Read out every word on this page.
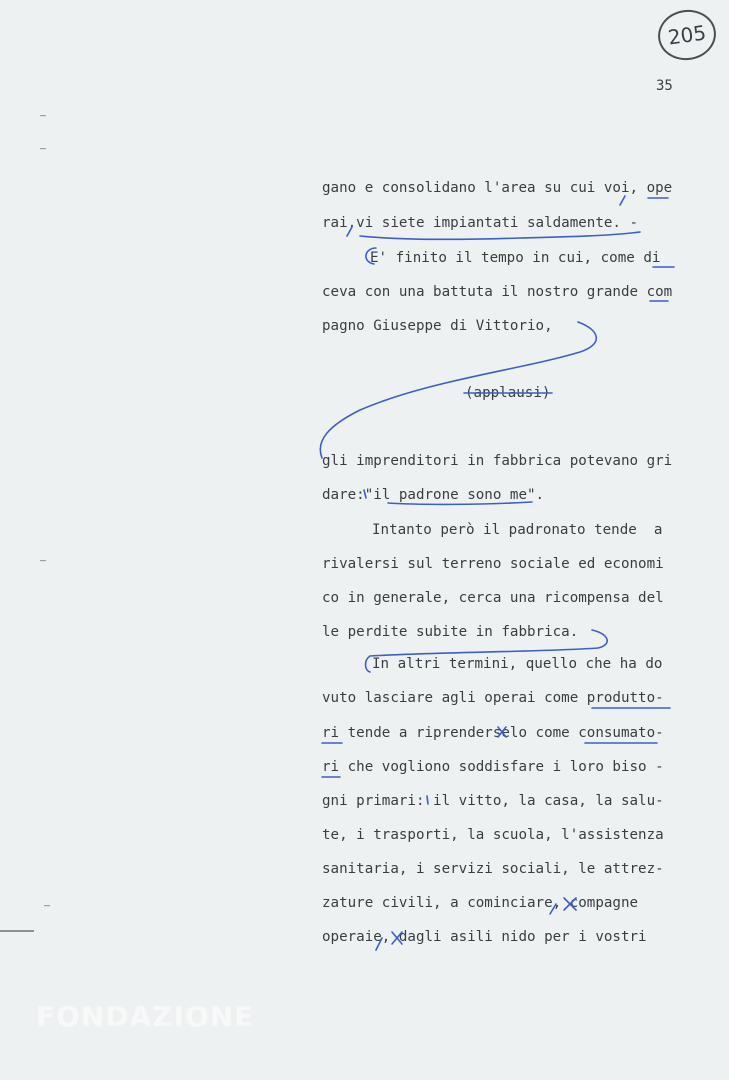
205
35
gano e consolidano l'area su cui voi, ope
rai,vi siete impiantati saldamente. -
E' finito il tempo in cui, come di
ceva con una battuta il nostro grande com
pagno Giuseppe di Vittorio,
(applausi)
gli imprenditori in fabbrica potevano gri
dare:"il padrone sono me".
Intanto però il padronato tende  a
rivalersi sul terreno sociale ed economi
co in generale, cerca una ricompensa del
le perdite subite in fabbrica.
In altri termini, quello che ha do
vuto lasciare agli operai come produtto-
ri tende a riprenderselo come consumato-
ri che vogliono soddisfare i loro biso -
gni primari: il vitto, la casa, la salu-
te, i trasporti, la scuola, l'assistenza
sanitaria, i servizi sociali, le attrez-
zature civili, a cominciare, compagne
operaie, dagli asili nido per i vostri
FONDAZIONE
